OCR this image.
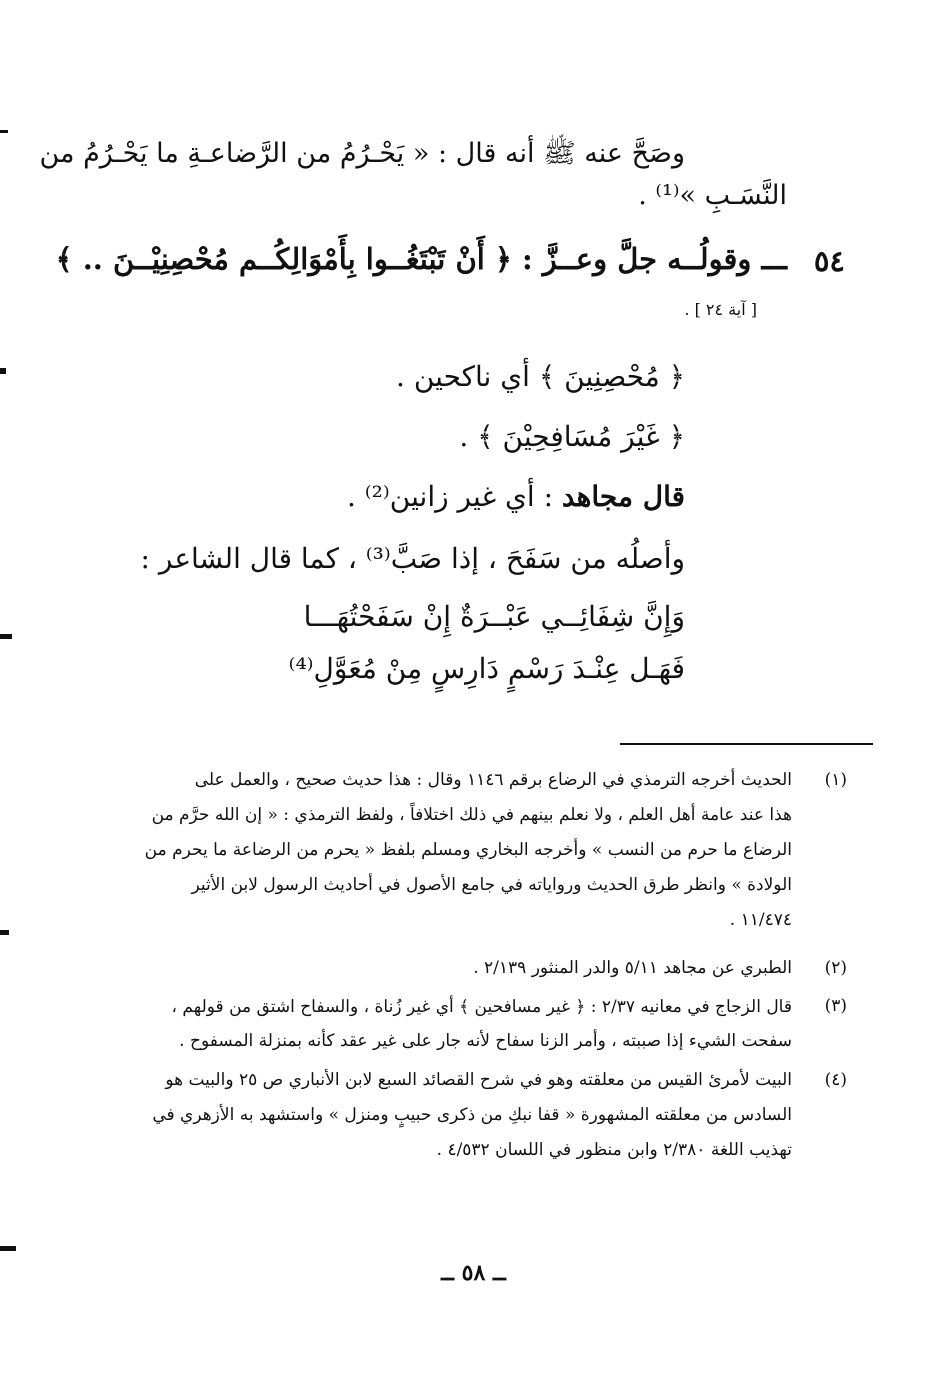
وصَحَّ عنه ﷺ أنه قال : « يَحْـرُمُ من الرَّضاعـةِ ما يَحْـرُمُ من
النَّسَـبِ »⁽¹⁾ .
٥٤
ـــ وقولُــه جلَّ وعــزَّ : ﴿ أَنْ تَبْتَغُــوا بِأَمْوَالِكُــم مُحْصِنِيْــنَ .. ﴾
[ آية ٢٤ ] .
﴿ مُحْصِنِينَ ﴾ أي ناكحين .
﴿ غَيْرَ مُسَافِحِيْنَ ﴾ .
قال مجاهد : أي غير زانين⁽²⁾ .
وأصلُه من سَفَحَ ، إذا صَبَّ⁽³⁾ ، كما قال الشاعر :
وَإِنَّ شِفَائِــي عَبْــرَةٌ إِنْ سَفَحْتُهَـــا
فَهَـل عِنْـدَ رَسْمٍ دَارِسٍ مِنْ مُعَوَّلِ⁽⁴⁾
(١)
الحديث أخرجه الترمذي في الرضاع برقم ١١٤٦ وقال : هذا حديث صحيح ، والعمل على
هذا عند عامة أهل العلم ، ولا نعلم بينهم في ذلك اختلافاً ، ولفظ الترمذي : « إن الله حرَّم من
الرضاع ما حرم من النسب » وأخرجه البخاري ومسلم بلفظ « يحرم من الرضاعة ما يحرم من
الولادة » وانظر طرق الحديث ورواياته في جامع الأصول في أحاديث الرسول لابن الأثير
١١/٤٧٤ .
(٢)
الطبري عن مجاهد ٥/١١ والدر المنثور ٢/١٣٩ .
(٣)
قال الزجاج في معانيه ٢/٣٧ : ﴿ غير مسافحين ﴾ أي غير زُناة ، والسفاح اشتق من قولهم ،
سفحت الشيء إذا صببته ، وأمر الزنا سفاح لأنه جار على غير عقد كأنه بمنزلة المسفوح .
(٤)
البيت لأمرئ القيس من معلقته وهو في شرح القصائد السبع لابن الأنباري ص ٢٥ والبيت هو
السادس من معلقته المشهورة « قفا نبكِ من ذكرى حبيبٍ ومنزل » واستشهد به الأزهري في
تهذيب اللغة ٢/٣٨٠ وابن منظور في اللسان ٤/٥٣٢ .
ــ ٥٨ ــ
